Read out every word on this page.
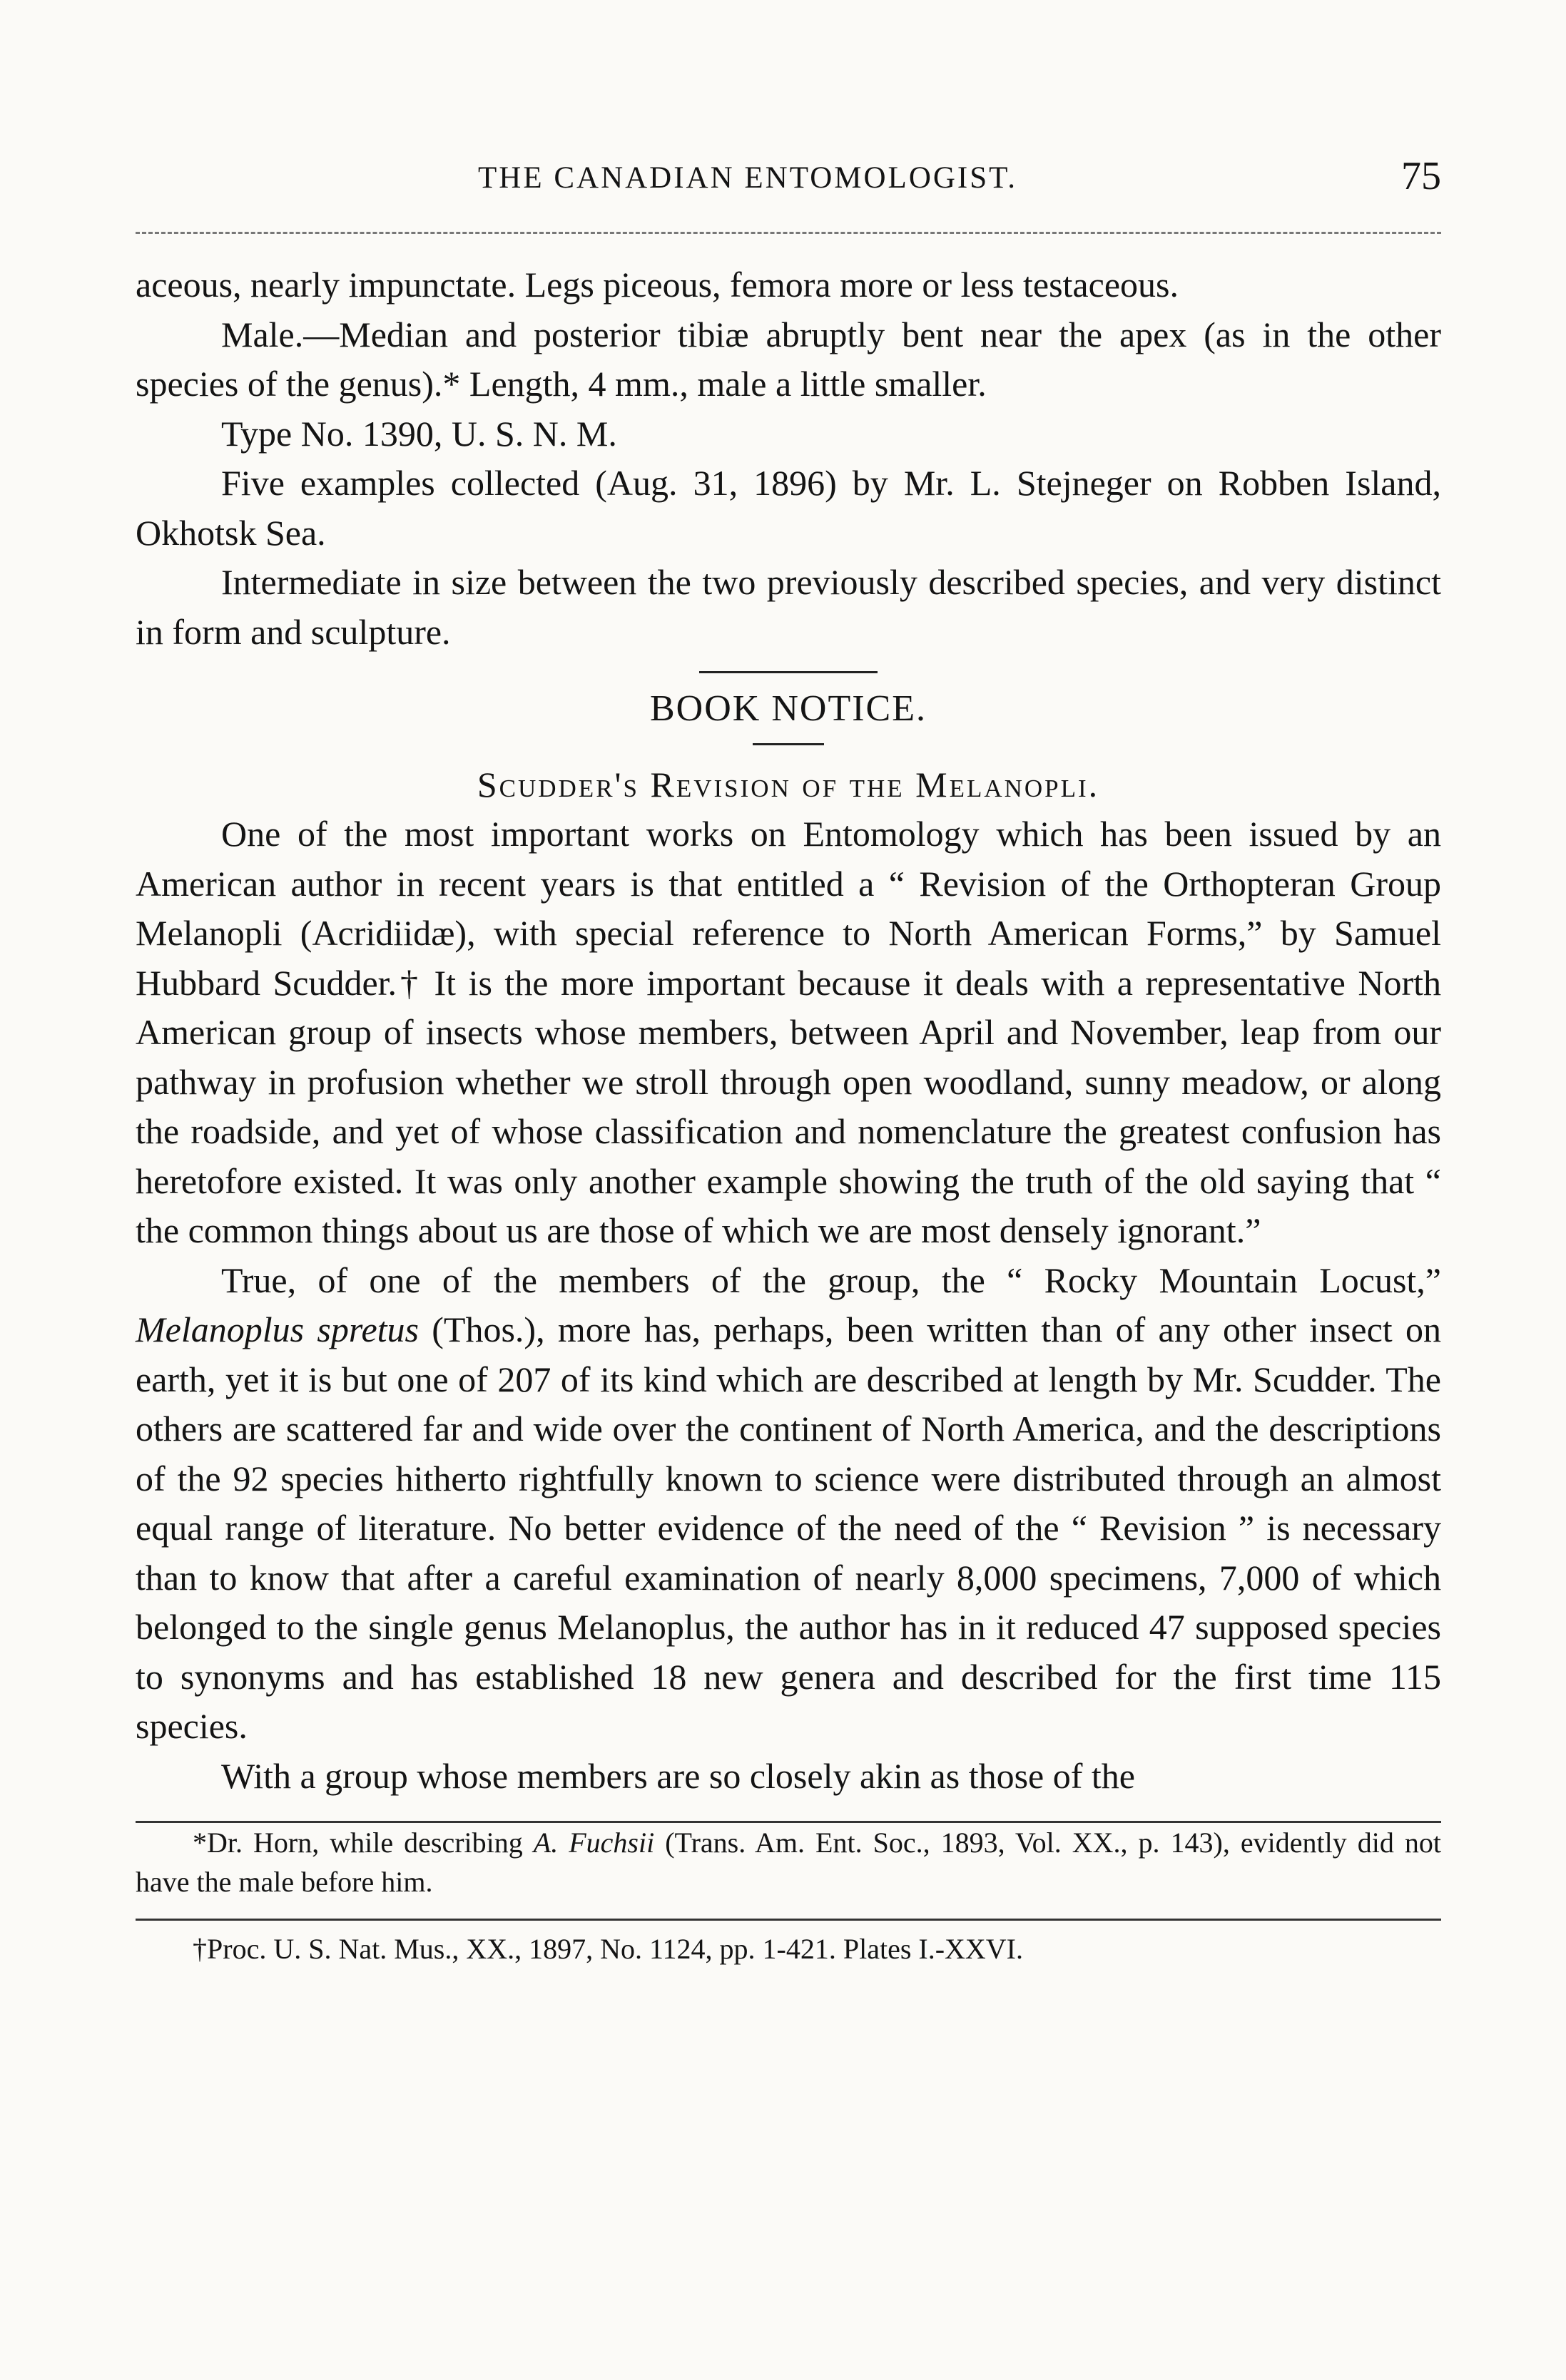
THE CANADIAN ENTOMOLOGIST.	75

aceous, nearly impunctate. Legs piceous, femora more or less testaceous.

Male.—Median and posterior tibiæ abruptly bent near the apex (as in the other species of the genus).* Length, 4 mm., male a little smaller.

Type No. 1390, U. S. N. M.

Five examples collected (Aug. 31, 1896) by Mr. L. Stejneger on Robben Island, Okhotsk Sea.

Intermediate in size between the two previously described species, and very distinct in form and sculpture.

BOOK NOTICE.
Scudder's Revision of the Melanopli.

One of the most important works on Entomology which has been issued by an American author in recent years is that entitled a “ Revision of the Orthopteran Group Melanopli (Acridiidæ), with special reference to North American Forms,” by Samuel Hubbard Scudder.† It is the more important because it deals with a representative North American group of insects whose members, between April and November, leap from our pathway in profusion whether we stroll through open woodland, sunny meadow, or along the roadside, and yet of whose classification and nomenclature the greatest confusion has heretofore existed. It was only another example showing the truth of the old saying that “ the common things about us are those of which we are most densely ignorant.”

True, of one of the members of the group, the “ Rocky Mountain Locust,” Melanoplus spretus (Thos.), more has, perhaps, been written than of any other insect on earth, yet it is but one of 207 of its kind which are described at length by Mr. Scudder. The others are scattered far and wide over the continent of North America, and the descriptions of the 92 species hitherto rightfully known to science were distributed through an almost equal range of literature. No better evidence of the need of the “ Revision ” is necessary than to know that after a careful examination of nearly 8,000 specimens, 7,000 of which belonged to the single genus Melanoplus, the author has in it reduced 47 supposed species to synonyms and has established 18 new genera and described for the first time 115 species.

With a group whose members are so closely akin as those of the

*Dr. Horn, while describing A. Fuchsii (Trans. Am. Ent. Soc., 1893, Vol. XX., p. 143), evidently did not have the male before him.

†Proc. U. S. Nat. Mus., XX., 1897, No. 1124, pp. 1-421. Plates I.-XXVI.
